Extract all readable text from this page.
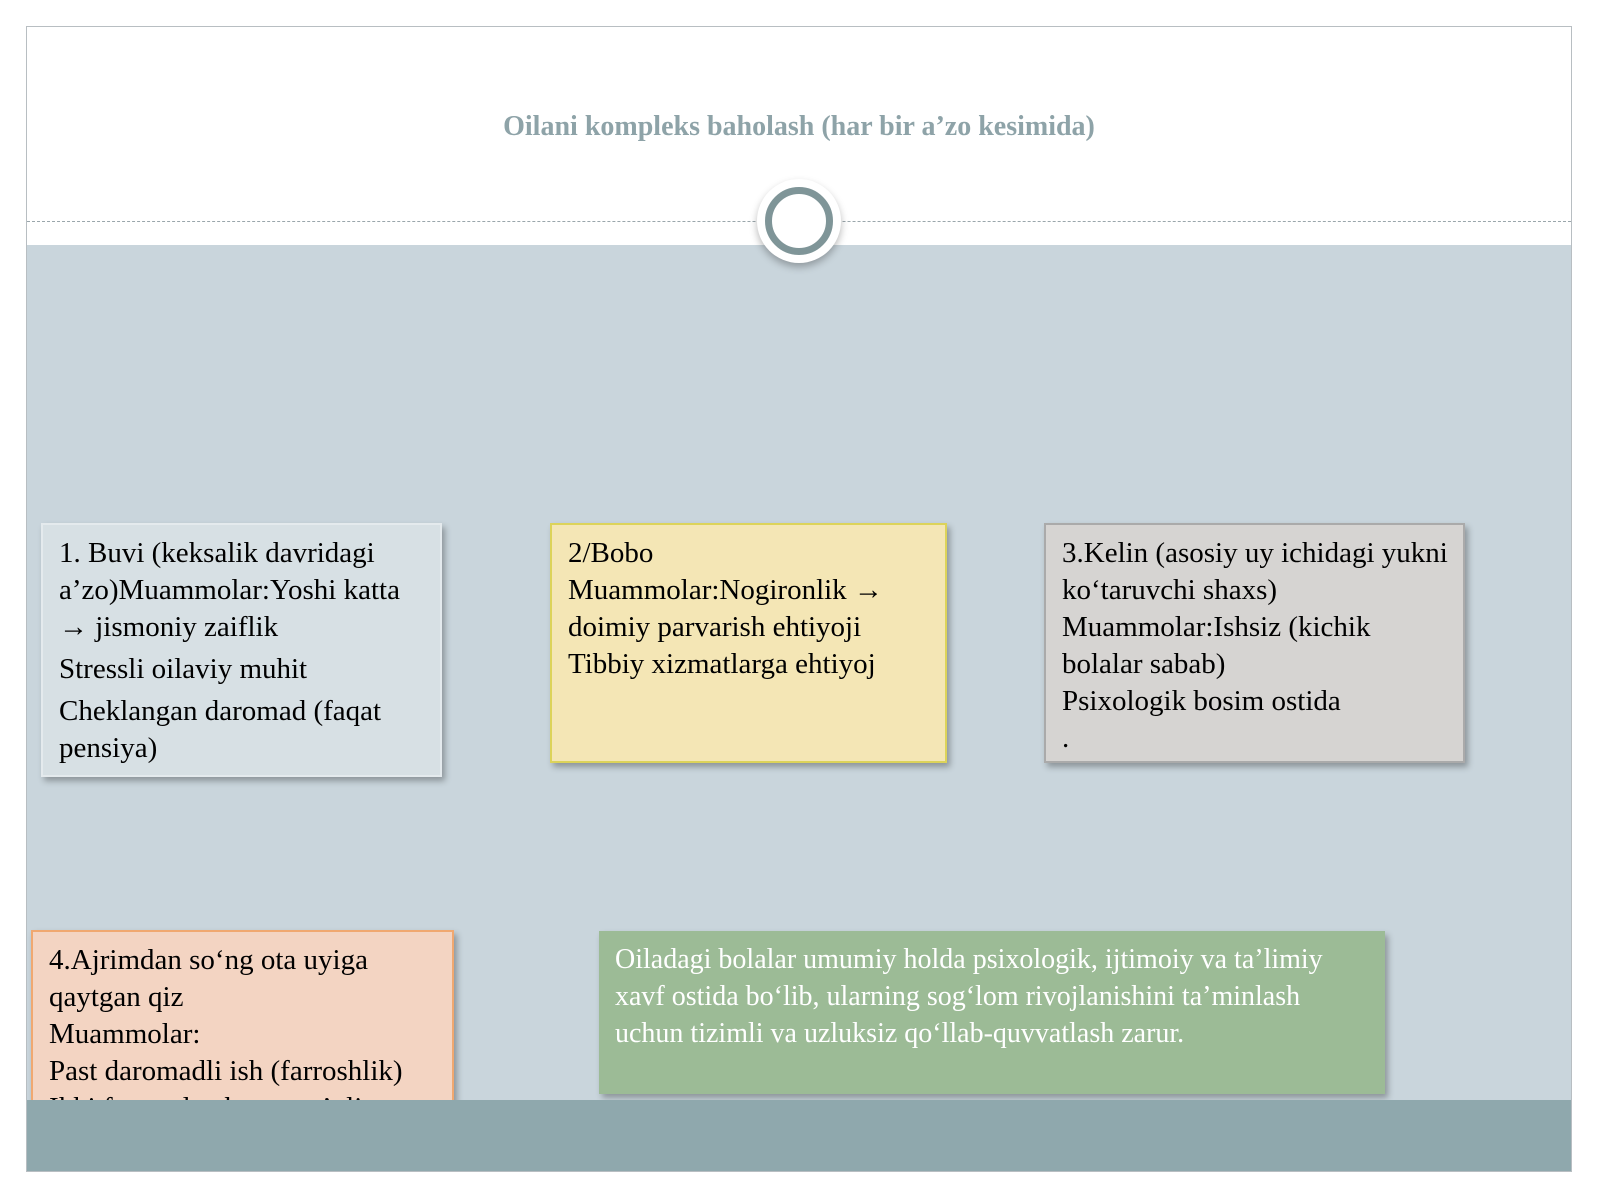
Oilani kompleks baholash (har bir a’zo kesimida)

1. Buvi (keksalik davridagi a’zo)Muammolar:Yoshi katta → jismoniy zaiflik

Stressli oilaviy muhit

Cheklangan daromad (faqat pensiya)

2/Bobo

Muammolar:Nogironlik → doimiy parvarish ehtiyoji

Tibbiy xizmatlarga ehtiyoj

3.Kelin (asosiy uy ichidagi yukni ko‘taruvchi shaxs)

Muammolar:Ishsiz (kichik bolalar sabab)

Psixologik bosim ostida

.

4.Ajrimdan so‘ng ota uyiga qaytgan qiz

Muammolar:

Past daromadli ish (farroshlik)

Oiladagi bolalar umumiy holda psixologik, ijtimoiy va ta’limiy xavf ostida bo‘lib, ularning sog‘lom rivojlanishini ta’minlash uchun tizimli va uzluksiz qo‘llab-quvvatlash zarur.
